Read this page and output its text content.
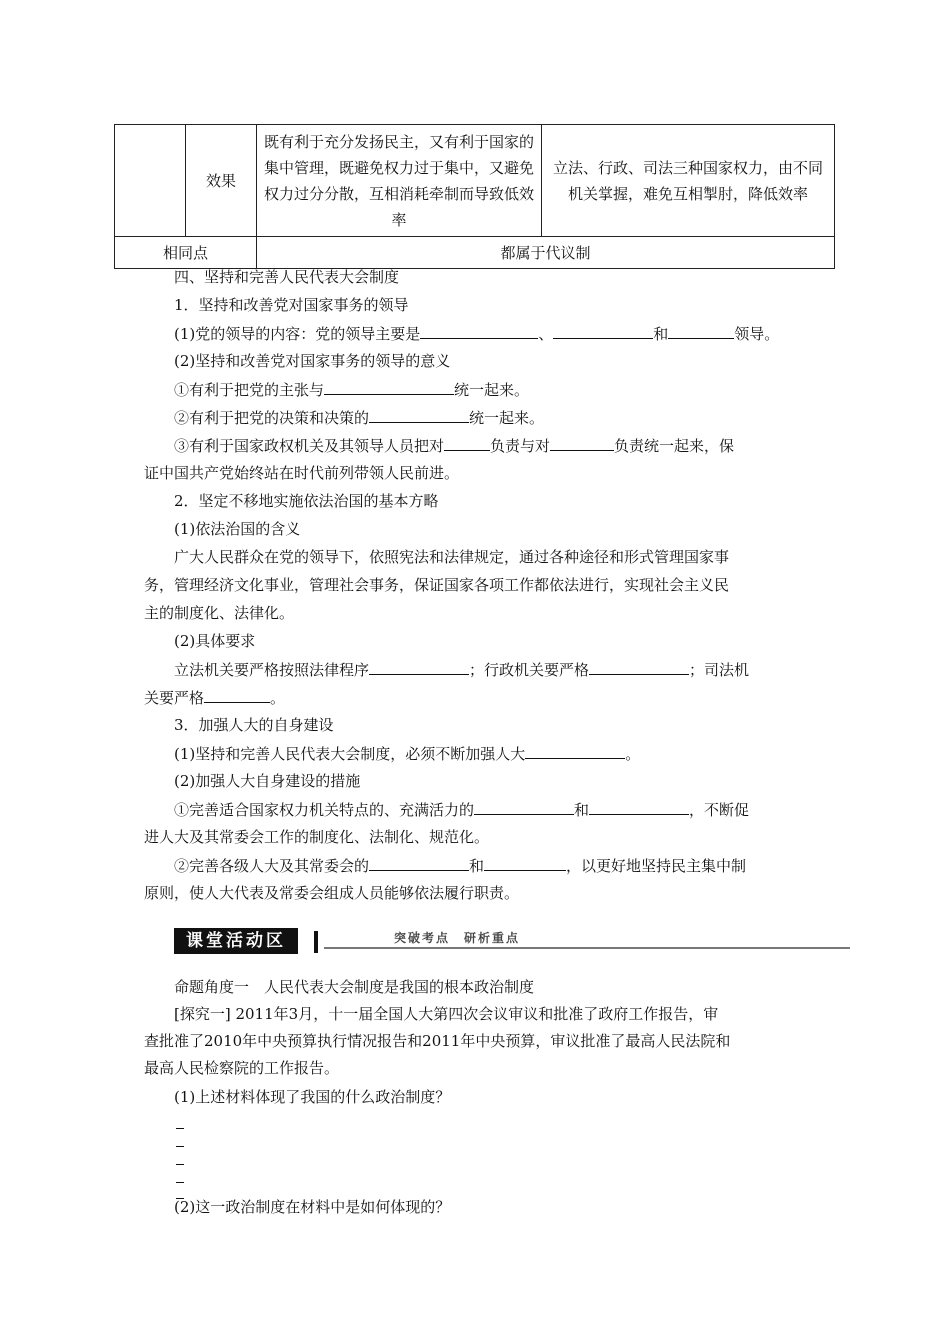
	效果	既有利于充分发扬民主，又有利于国家的集中管理，既避免权力过于集中，又避免权力过分分散，互相消耗牵制而导致低效率	立法、行政、司法三种国家权力，由不同机关掌握，难免互相掣肘，降低效率

相同点		都属于代议制	
四、坚持和完善人民代表大会制度
1．坚持和改善党对国家事务的领导
(1)党的领导的内容：党的领导主要是	、	和	领导。
(2)坚持和改善党对国家事务的领导的意义
①有利于把党的主张与	统一起来。
②有利于把党的决策和决策的	统一起来。
③有利于国家政权机关及其领导人员把对	负责与对	负责统一起来，保
证中国共产党始终站在时代前列带领人民前进。
2．坚定不移地实施依法治国的基本方略
(1)依法治国的含义
广大人民群众在党的领导下，依照宪法和法律规定，通过各种途径和形式管理国家事
务，管理经济文化事业，管理社会事务，保证国家各项工作都依法进行，实现社会主义民
主的制度化、法律化。
(2)具体要求
立法机关要严格按照法律程序	；行政机关要严格	；司法机
关要严格	。
3．加强人大的自身建设
(1)坚持和完善人民代表大会制度，必须不断加强人大	。
(2)加强人大自身建设的措施
①完善适合国家权力机关特点的、充满活力的	和	，不断促
进人大及其常委会工作的制度化、法制化、规范化。
②完善各级人大及其常委会的	和	，以更好地坚持民主集中制
原则，使人大代表及常委会组成人员能够依法履行职责。
课堂活动区	突破考点　研析重点
命题角度一　人民代表大会制度是我国的根本政治制度
[探究一] 2011年3月，十一届全国人大第四次会议审议和批准了政府工作报告，审
查批准了2010年中央预算执行情况报告和2011年中央预算，审议批准了最高人民法院和
最高人民检察院的工作报告。
(1)上述材料体现了我国的什么政治制度？
(2)这一政治制度在材料中是如何体现的？
